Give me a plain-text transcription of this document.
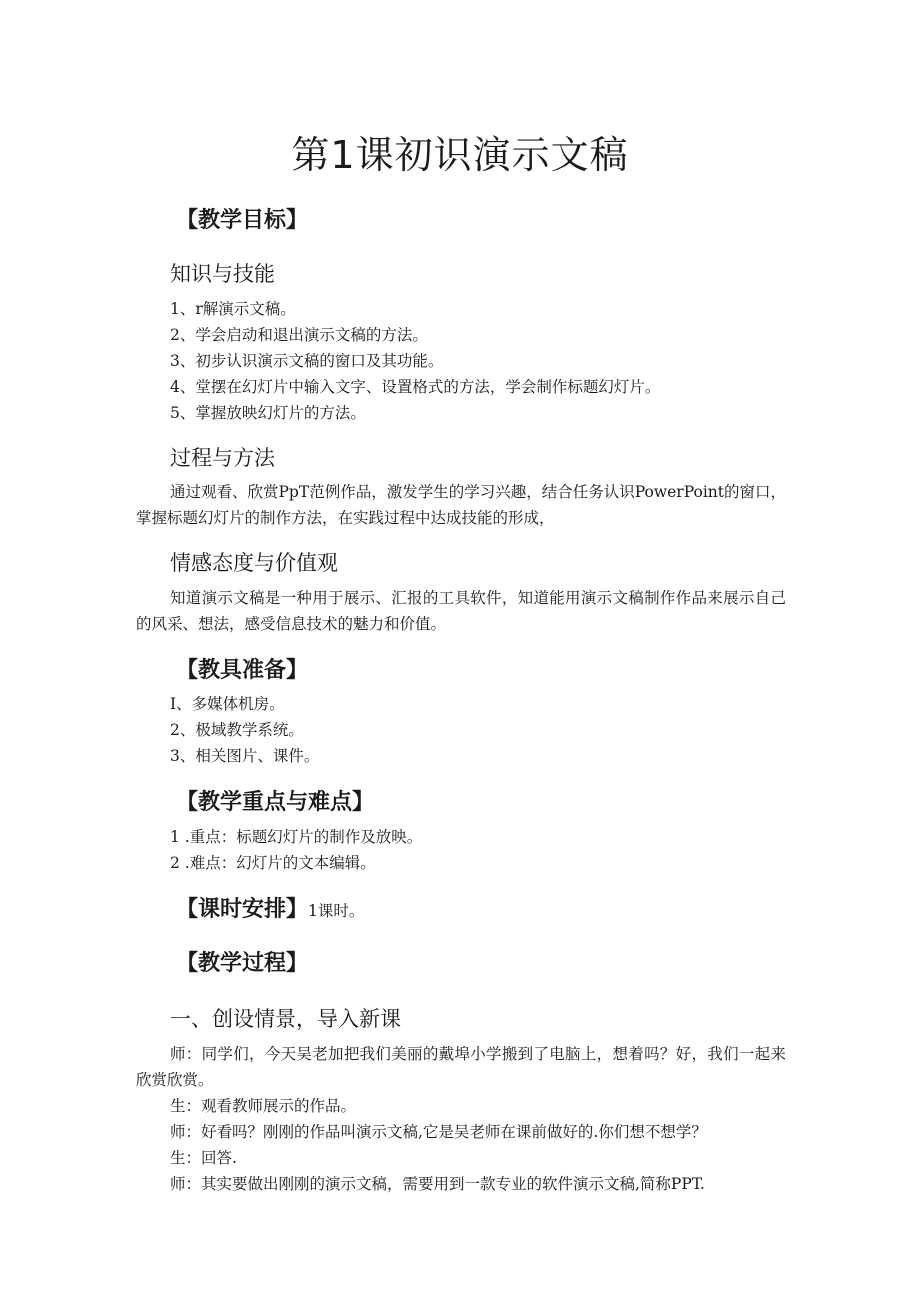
第1课初识演示文稿
【教学目标】
知识与技能
1、r解演示文稿。
2、学会启动和退出演示文稿的方法。
3、初步认识演示文稿的窗口及其功能。
4、堂摆在幻灯片中输入文字、设置格式的方法，学会制作标题幻灯片。
5、掌握放映幻灯片的方法。
过程与方法
通过观看、欣赏PpT范例作品，激发学生的学习兴趣，结合任务认识PowerPoint的窗口，掌握标题幻灯片的制作方法，在实践过程中达成技能的形成，
情感态度与价值观
知道演示文稿是一种用于展示、汇报的工具软件，知道能用演示文稿制作作品来展示自己的风采、想法，感受信息技术的魅力和价值。
【教具准备】
I、多媒体机房。
2、极域教学系统。
3、相关图片、课件。
【教学重点与难点】
1 .重点：标题幻灯片的制作及放映。
2 .难点：幻灯片的文本编辑。
【课时安排】1课时。
【教学过程】
一、创设情景，导入新课
师：同学们，今天吴老加把我们美丽的戴埠小学搬到了电脑上，想着吗？好，我们一起来欣赏欣赏。
生：观看教师展示的作品。
师：好看吗？刚刚的作品叫演示文稿,它是吴老师在课前做好的.你们想不想学？
生：回答.
师：其实要做出刚刚的演示文稿，需要用到一款专业的软件演示文稿,简称PPT.
